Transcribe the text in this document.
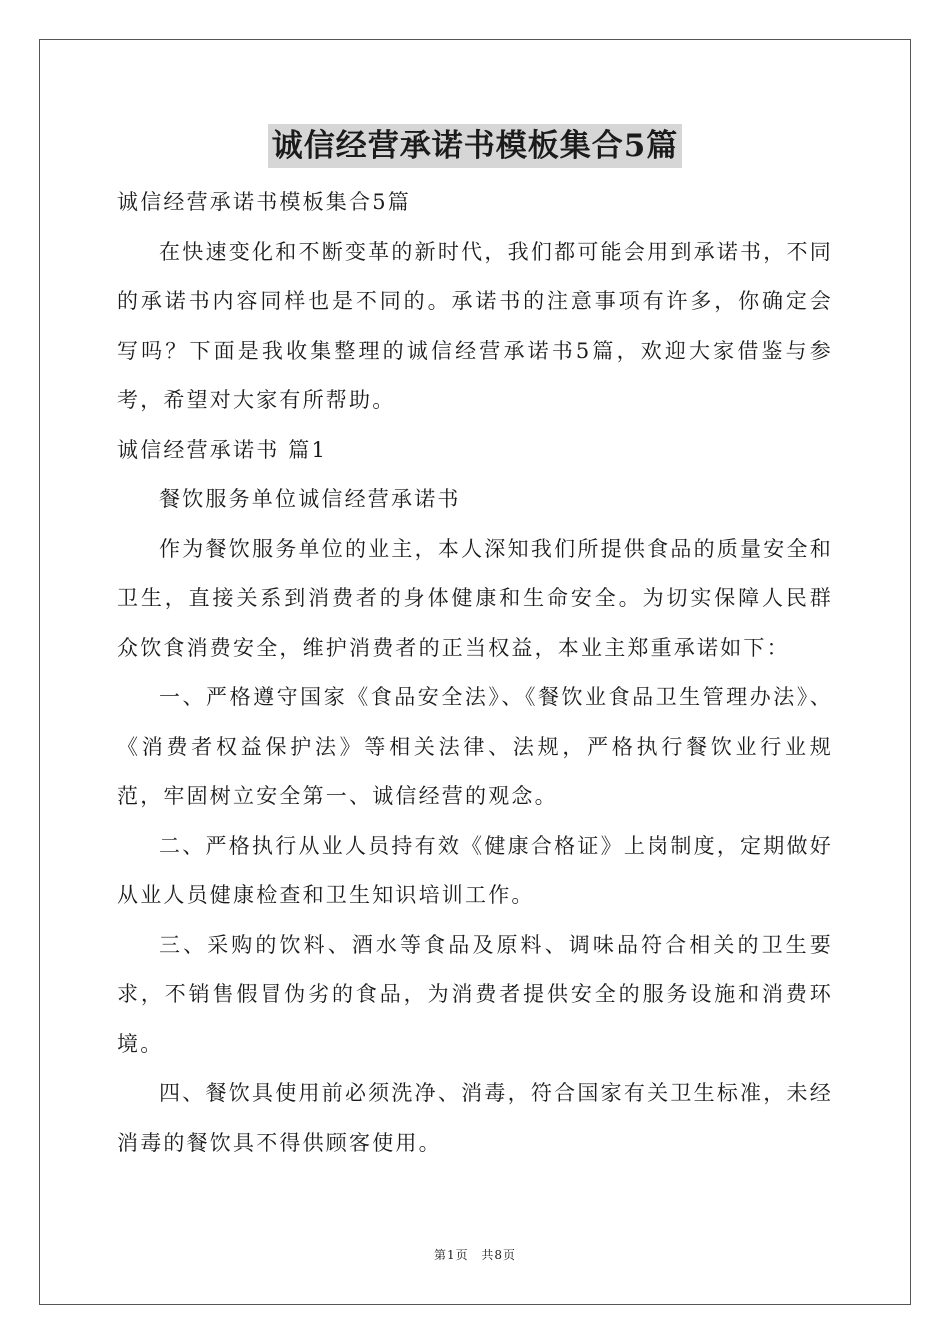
诚信经营承诺书模板集合5篇

诚信经营承诺书模板集合5篇

在快速变化和不断变革的新时代，我们都可能会用到承诺书，不同的承诺书内容同样也是不同的。承诺书的注意事项有许多，你确定会写吗？下面是我收集整理的诚信经营承诺书5篇，欢迎大家借鉴与参考，希望对大家有所帮助。

诚信经营承诺书 篇1

餐饮服务单位诚信经营承诺书

作为餐饮服务单位的业主，本人深知我们所提供食品的质量安全和卫生，直接关系到消费者的身体健康和生命安全。为切实保障人民群众饮食消费安全，维护消费者的正当权益，本业主郑重承诺如下：

一、严格遵守国家《食品安全法》、《餐饮业食品卫生管理办法》、《消费者权益保护法》等相关法律、法规，严格执行餐饮业行业规范，牢固树立安全第一、诚信经营的观念。

二、严格执行从业人员持有效《健康合格证》上岗制度，定期做好从业人员健康检查和卫生知识培训工作。

三、采购的饮料、酒水等食品及原料、调味品符合相关的卫生要求，不销售假冒伪劣的食品，为消费者提供安全的服务设施和消费环境。

四、餐饮具使用前必须洗净、消毒，符合国家有关卫生标准，未经消毒的餐饮具不得供顾客使用。

第1页 共8页
